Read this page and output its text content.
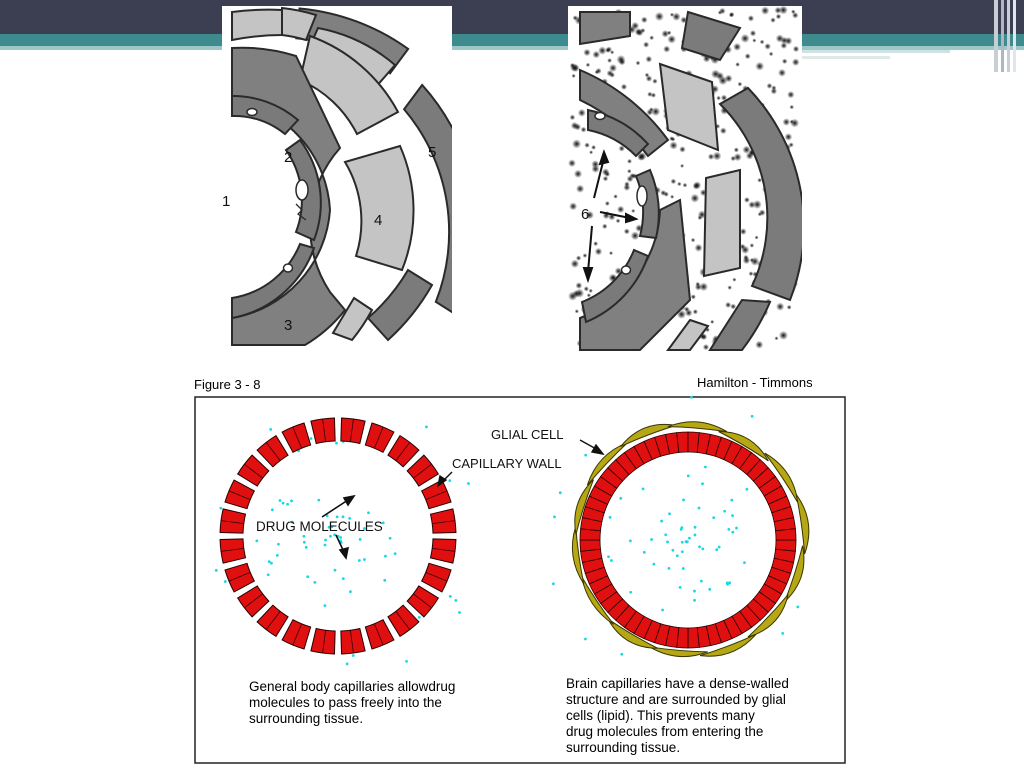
1
2
3
4
5
6
Figure 3 - 8	Hamilton - Timmons
DRUG MOLECULES
GLIAL CELL
CAPILLARY WALL
General body capillaries allowdrug
molecules to pass freely into the
surrounding tissue.
Brain capillaries have a dense-walled
structure and are surrounded by glial
cells (lipid). This prevents many
drug molecules from entering the
surrounding tissue.
